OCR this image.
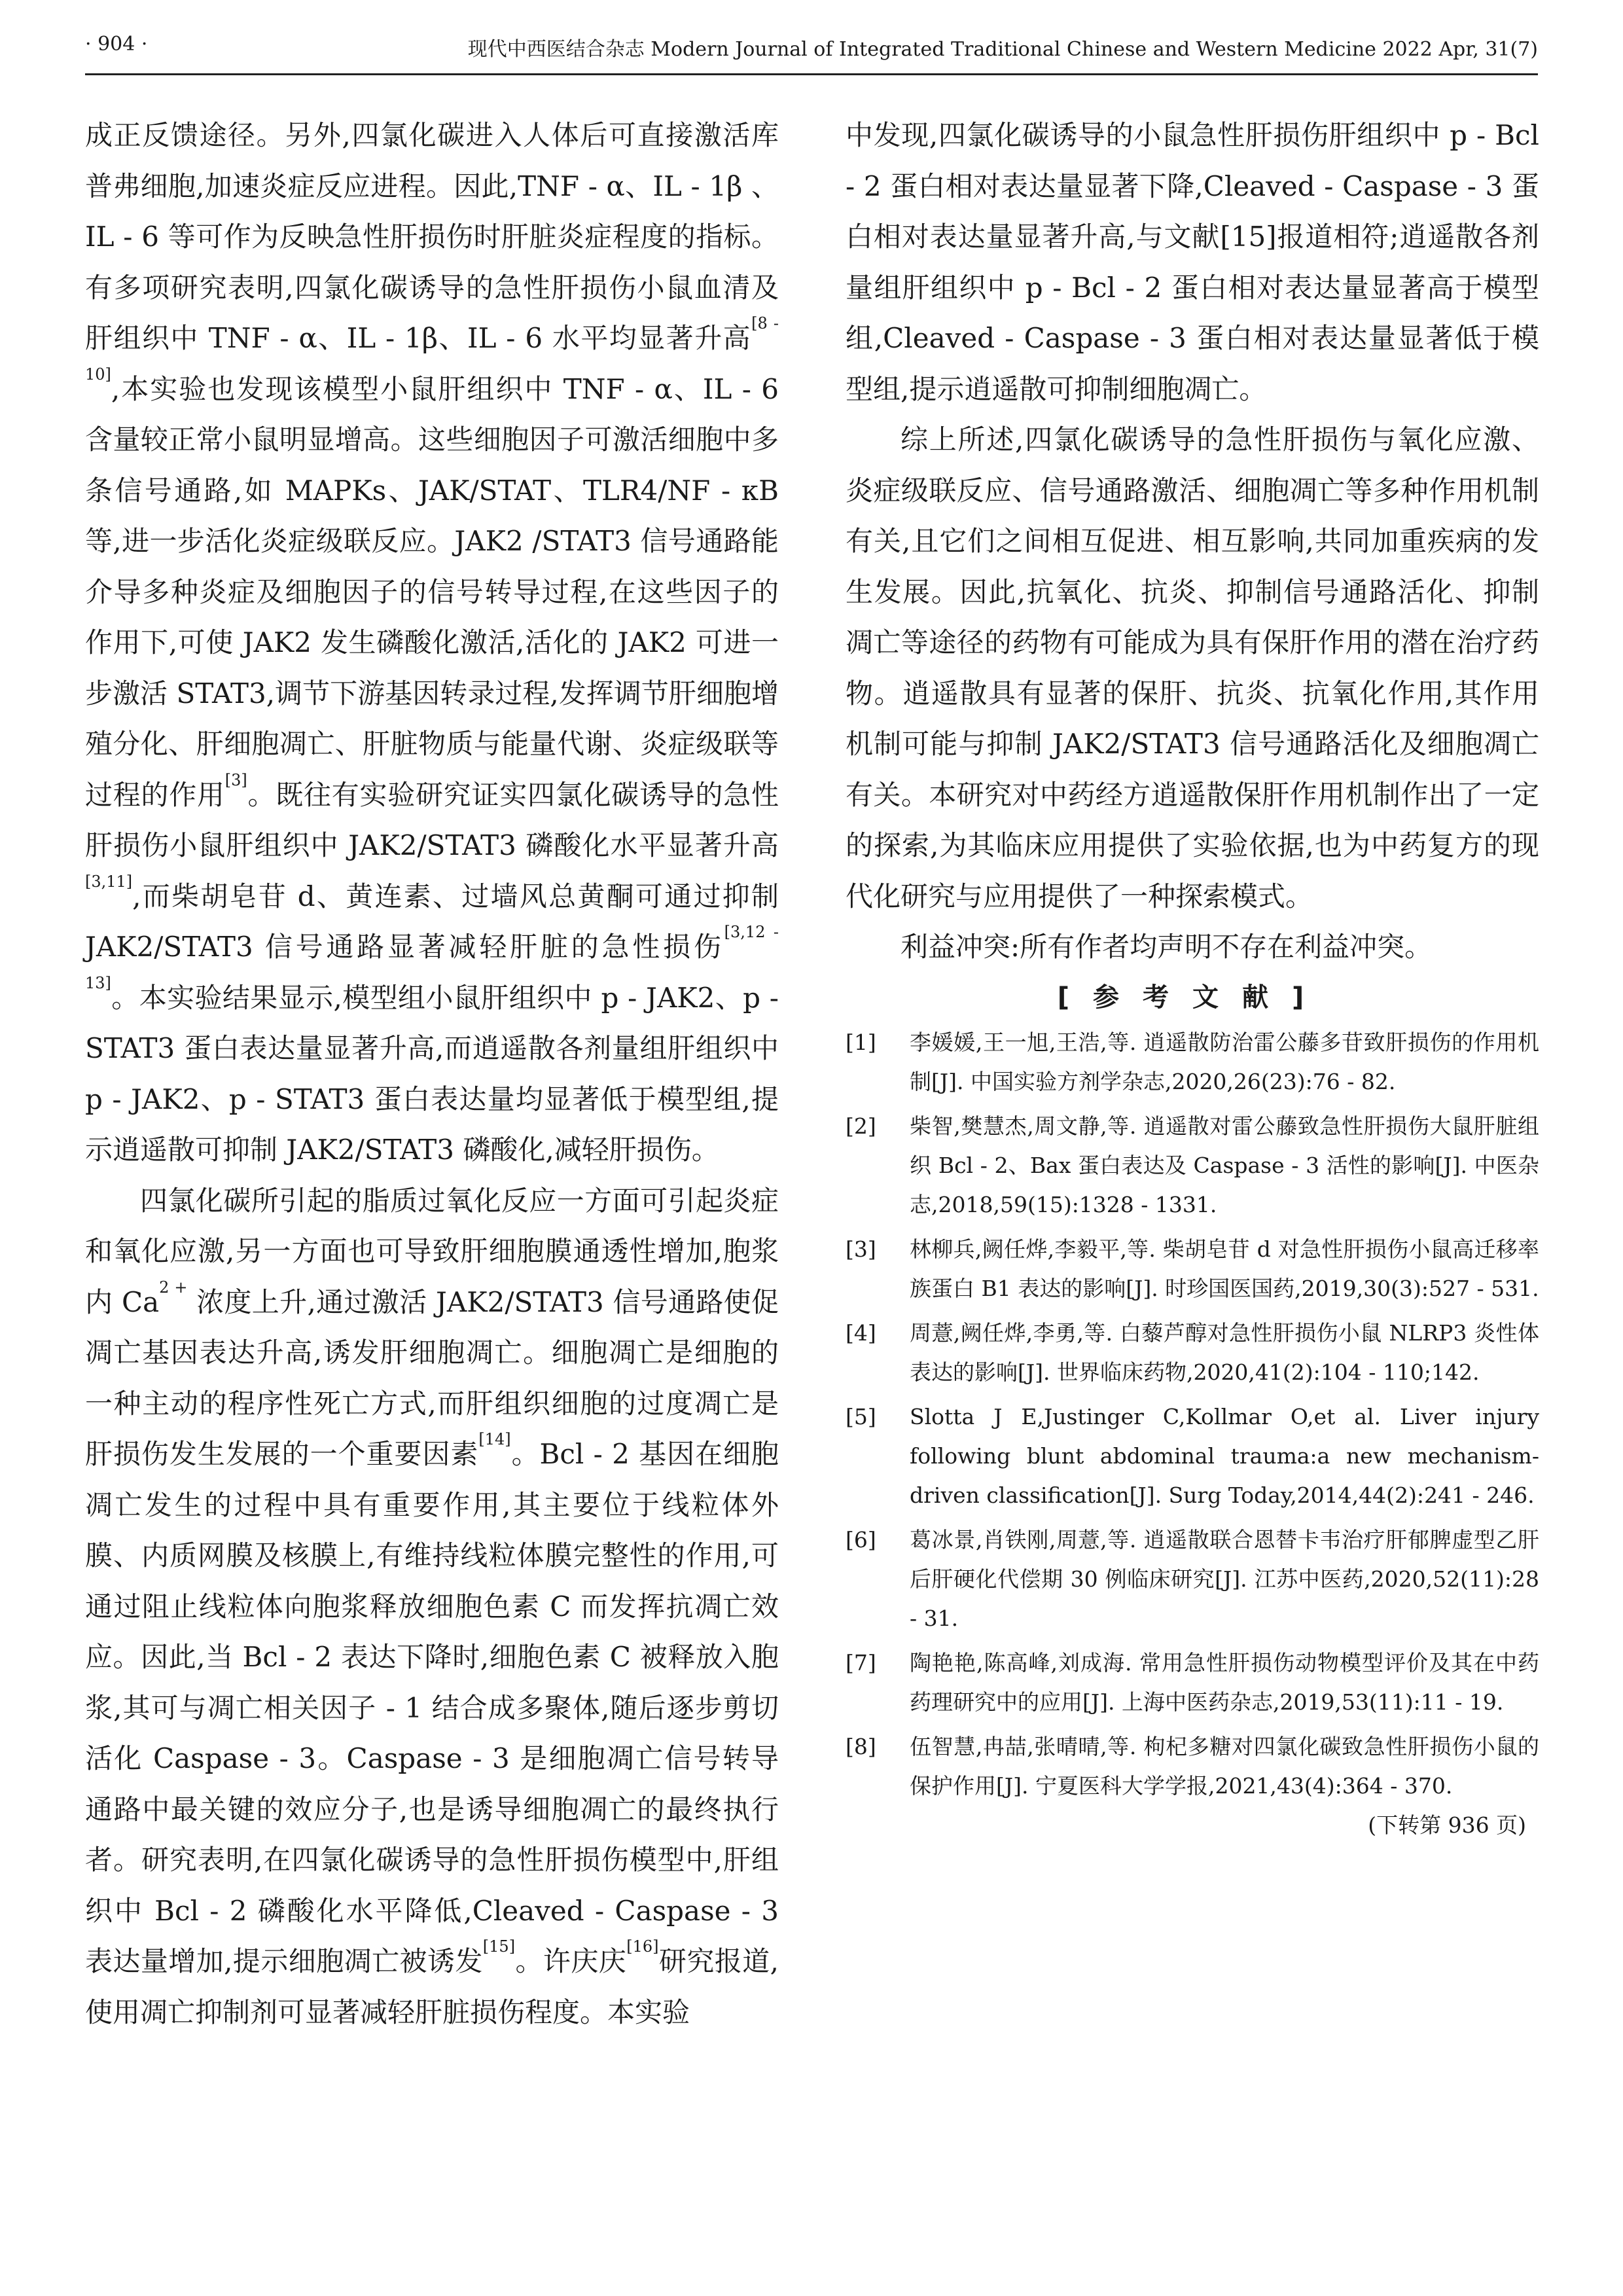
· 904 ·	现代中西医结合杂志 Modern Journal of Integrated Traditional Chinese and Western Medicine 2022 Apr, 31(7)

成正反馈途径。另外,四氯化碳进入人体后可直接激活库普弗细胞,加速炎症反应进程。因此,TNF - α、IL - 1β 、IL - 6 等可作为反映急性肝损伤时肝脏炎症程度的指标。有多项研究表明,四氯化碳诱导的急性肝损伤小鼠血清及肝组织中 TNF - α、IL - 1β、IL - 6 水平均显著升高[8 - 10],本实验也发现该模型小鼠肝组织中 TNF - α、IL - 6 含量较正常小鼠明显增高。这些细胞因子可激活细胞中多条信号通路,如 MAPKs、JAK/STAT、TLR4/NF - κB 等,进一步活化炎症级联反应。JAK2 /STAT3 信号通路能介导多种炎症及细胞因子的信号转导过程,在这些因子的作用下,可使 JAK2 发生磷酸化激活,活化的 JAK2 可进一步激活 STAT3,调节下游基因转录过程,发挥调节肝细胞增殖分化、肝细胞凋亡、肝脏物质与能量代谢、炎症级联等过程的作用[3]。既往有实验研究证实四氯化碳诱导的急性肝损伤小鼠肝组织中 JAK2/STAT3 磷酸化水平显著升高[3,11],而柴胡皂苷 d、黄连素、过墙风总黄酮可通过抑制 JAK2/STAT3 信号通路显著减轻肝脏的急性损伤[3,12 - 13]。本实验结果显示,模型组小鼠肝组织中 p - JAK2、p - STAT3 蛋白表达量显著升高,而逍遥散各剂量组肝组织中 p - JAK2、p - STAT3 蛋白表达量均显著低于模型组,提示逍遥散可抑制 JAK2/STAT3 磷酸化,减轻肝损伤。

四氯化碳所引起的脂质过氧化反应一方面可引起炎症和氧化应激,另一方面也可导致肝细胞膜通透性增加,胞浆内 $Ca^{2 +}$ 浓度上升,通过激活 JAK2/STAT3 信号通路使促凋亡基因表达升高,诱发肝细胞凋亡。细胞凋亡是细胞的一种主动的程序性死亡方式,而肝组织细胞的过度凋亡是肝损伤发生发展的一个重要因素[14]。Bcl - 2 基因在细胞凋亡发生的过程中具有重要作用,其主要位于线粒体外膜、内质网膜及核膜上,有维持线粒体膜完整性的作用,可通过阻止线粒体向胞浆释放细胞色素 C 而发挥抗凋亡效应。因此,当 Bcl - 2 表达下降时,细胞色素 C 被释放入胞浆,其可与凋亡相关因子 - 1 结合成多聚体,随后逐步剪切活化 Caspase - 3。Caspase - 3 是细胞凋亡信号转导通路中最关键的效应分子,也是诱导细胞凋亡的最终执行者。研究表明,在四氯化碳诱导的急性肝损伤模型中,肝组织中 Bcl - 2 磷酸化水平降低,Cleaved - Caspase - 3 表达量增加,提示细胞凋亡被诱发[15]。许庆庆[16]研究报道,使用凋亡抑制剂可显著减轻肝脏损伤程度。本实验

中发现,四氯化碳诱导的小鼠急性肝损伤肝组织中 p - Bcl - 2 蛋白相对表达量显著下降,Cleaved - Caspase - 3 蛋白相对表达量显著升高,与文献[15]报道相符;逍遥散各剂量组肝组织中 p - Bcl - 2 蛋白相对表达量显著高于模型组,Cleaved - Caspase - 3 蛋白相对表达量显著低于模型组,提示逍遥散可抑制细胞凋亡。

综上所述,四氯化碳诱导的急性肝损伤与氧化应激、炎症级联反应、信号通路激活、细胞凋亡等多种作用机制有关,且它们之间相互促进、相互影响,共同加重疾病的发生发展。因此,抗氧化、抗炎、抑制信号通路活化、抑制凋亡等途径的药物有可能成为具有保肝作用的潜在治疗药物。逍遥散具有显著的保肝、抗炎、抗氧化作用,其作用机制可能与抑制 JAK2/STAT3 信号通路活化及细胞凋亡有关。本研究对中药经方逍遥散保肝作用机制作出了一定的探索,为其临床应用提供了实验依据,也为中药复方的现代化研究与应用提供了一种探索模式。

利益冲突:所有作者均声明不存在利益冲突。

[参考文献]
[1]	李媛媛,王一旭,王浩,等. 逍遥散防治雷公藤多苷致肝损伤的作用机制[J]. 中国实验方剂学杂志,2020,26(23):76 - 82.
[2]	柴智,樊慧杰,周文静,等. 逍遥散对雷公藤致急性肝损伤大鼠肝脏组织 Bcl - 2、Bax 蛋白表达及 Caspase - 3 活性的影响[J]. 中医杂志,2018,59(15):1328 - 1331.
[3]	林柳兵,阙任烨,李毅平,等. 柴胡皂苷 d 对急性肝损伤小鼠高迁移率族蛋白 B1 表达的影响[J]. 时珍国医国药,2019,30(3):527 - 531.
[4]	周薏,阙任烨,李勇,等. 白藜芦醇对急性肝损伤小鼠 NLRP3 炎性体表达的影响[J]. 世界临床药物,2020,41(2):104 - 110;142.
[5]	Slotta J E,Justinger C,Kollmar O,et al. Liver injury following blunt abdominal trauma:a new mechanism-driven classification[J]. Surg Today,2014,44(2):241 - 246.
[6]	葛冰景,肖铁刚,周薏,等. 逍遥散联合恩替卡韦治疗肝郁脾虚型乙肝后肝硬化代偿期 30 例临床研究[J]. 江苏中医药,2020,52(11):28 - 31.
[7]	陶艳艳,陈高峰,刘成海. 常用急性肝损伤动物模型评价及其在中药药理研究中的应用[J]. 上海中医药杂志,2019,53(11):11 - 19.
[8]	伍智慧,冉喆,张晴晴,等. 枸杞多糖对四氯化碳致急性肝损伤小鼠的保护作用[J]. 宁夏医科大学学报,2021,43(4):364 - 370.
(下转第 936 页)
